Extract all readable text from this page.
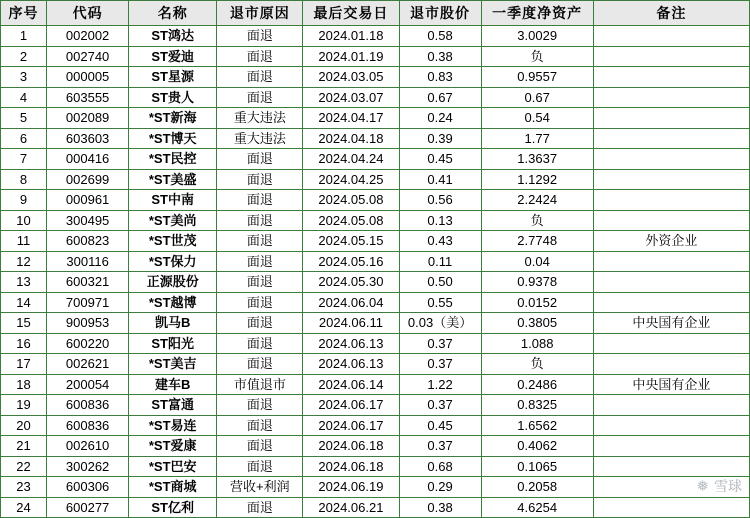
序号	代码	名称	退市原因	最后交易日	退市股价	一季度净资产	备注
1	002002	ST鸿达	面退	2024.01.18	0.58	3.0029	
2	002740	ST爱迪	面退	2024.01.19	0.38	负	
3	000005	ST星源	面退	2024.03.05	0.83	0.9557	
4	603555	ST贵人	面退	2024.03.07	0.67	0.67	
5	002089	*ST新海	重大违法	2024.04.17	0.24	0.54	
6	603603	*ST博天	重大违法	2024.04.18	0.39	1.77	
7	000416	*ST民控	面退	2024.04.24	0.45	1.3637	
8	002699	*ST美盛	面退	2024.04.25	0.41	1.1292	
9	000961	ST中南	面退	2024.05.08	0.56	2.2424	
10	300495	*ST美尚	面退	2024.05.08	0.13	负	
11	600823	*ST世茂	面退	2024.05.15	0.43	2.7748	外资企业
12	300116	*ST保力	面退	2024.05.16	0.11	0.04	
13	600321	正源股份	面退	2024.05.30	0.50	0.9378	
14	700971	*ST越博	面退	2024.06.04	0.55	0.0152	
15	900953	凯马B	面退	2024.06.11	0.03（美）	0.3805	中央国有企业
16	600220	ST阳光	面退	2024.06.13	0.37	1.088	
17	002621	*ST美吉	面退	2024.06.13	0.37	负	
18	200054	建车B	市值退市	2024.06.14	1.22	0.2486	中央国有企业
19	600836	ST富通	面退	2024.06.17	0.37	0.8325	
20	600836	*ST易连	面退	2024.06.17	0.45	1.6562	
21	002610	*ST爱康	面退	2024.06.18	0.37	0.4062	
22	300262	*ST巴安	面退	2024.06.18	0.68	0.1065	
23	600306	*ST商城	营收+利润	2024.06.19	0.29	0.2058	
24	600277	ST亿利	面退	2024.06.21	0.38	4.6254	
❅ 雪球
